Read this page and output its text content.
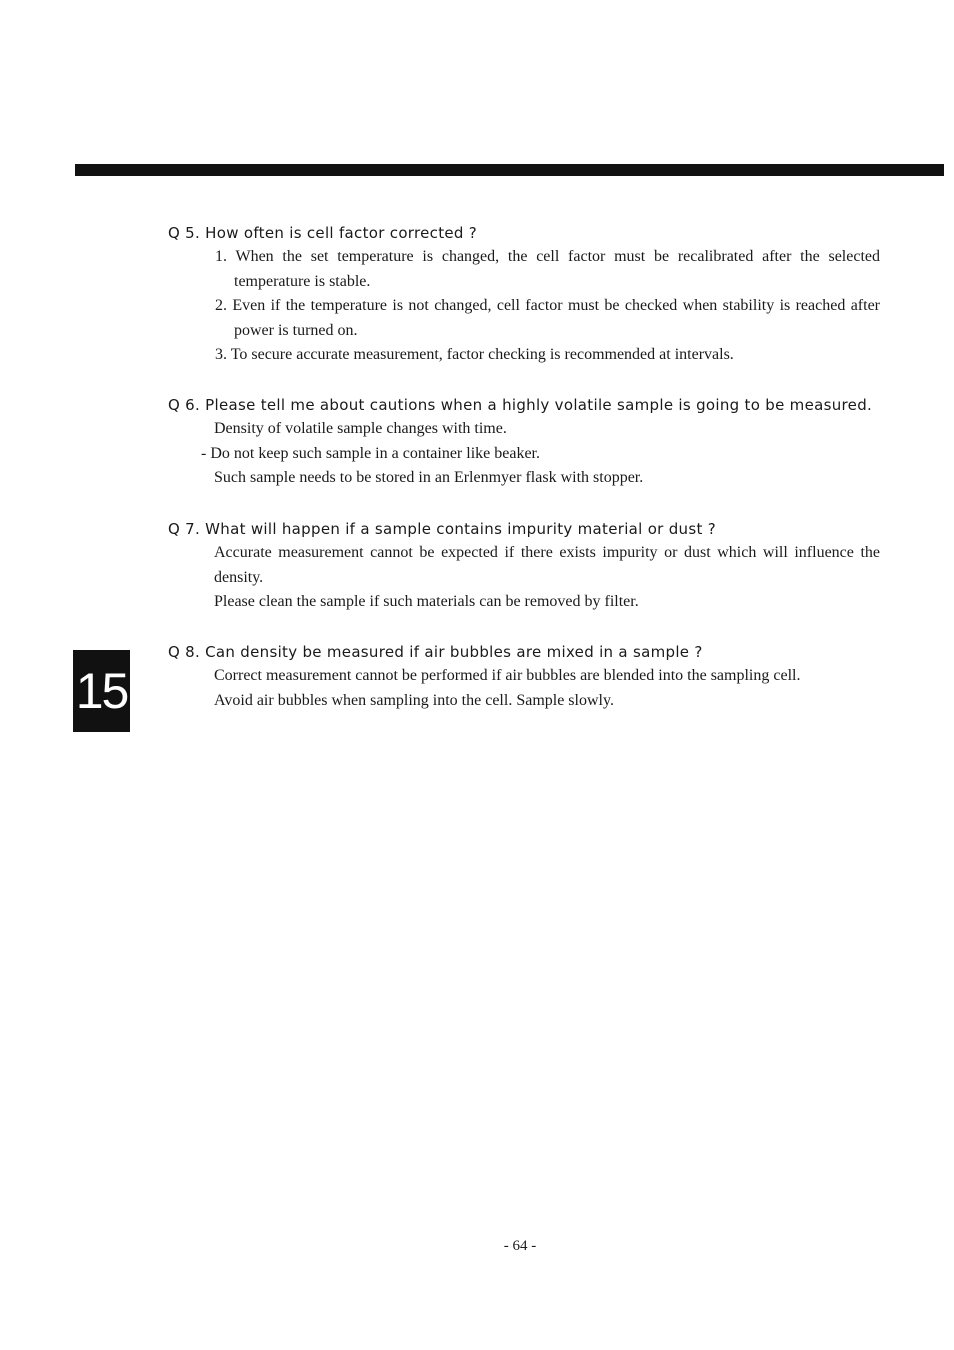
15
Q 5. How often is cell factor corrected ?
1. When the set temperature is changed, the cell factor must be recalibrated after the selected temperature is stable.
2. Even if the temperature is not changed, cell factor must be checked when stability is reached after power is turned on.
3. To secure accurate measurement, factor checking is recommended at intervals.
Q 6. Please tell me about cautions when a highly volatile sample is going to be measured.
Density of volatile sample changes with time.
- Do not keep such sample in a container like beaker.
Such sample needs to be stored in an Erlenmyer flask with stopper.
Q 7. What will happen if a sample contains impurity material or dust ?
Accurate measurement cannot be expected if there exists impurity or dust which will influence the density.
Please clean the sample if such materials can be removed by filter.
Q 8. Can density be measured if air bubbles are mixed in a sample ?
Correct measurement cannot be performed if air bubbles are blended into the sampling cell.
Avoid air bubbles when sampling into the cell. Sample slowly.
- 64 -
